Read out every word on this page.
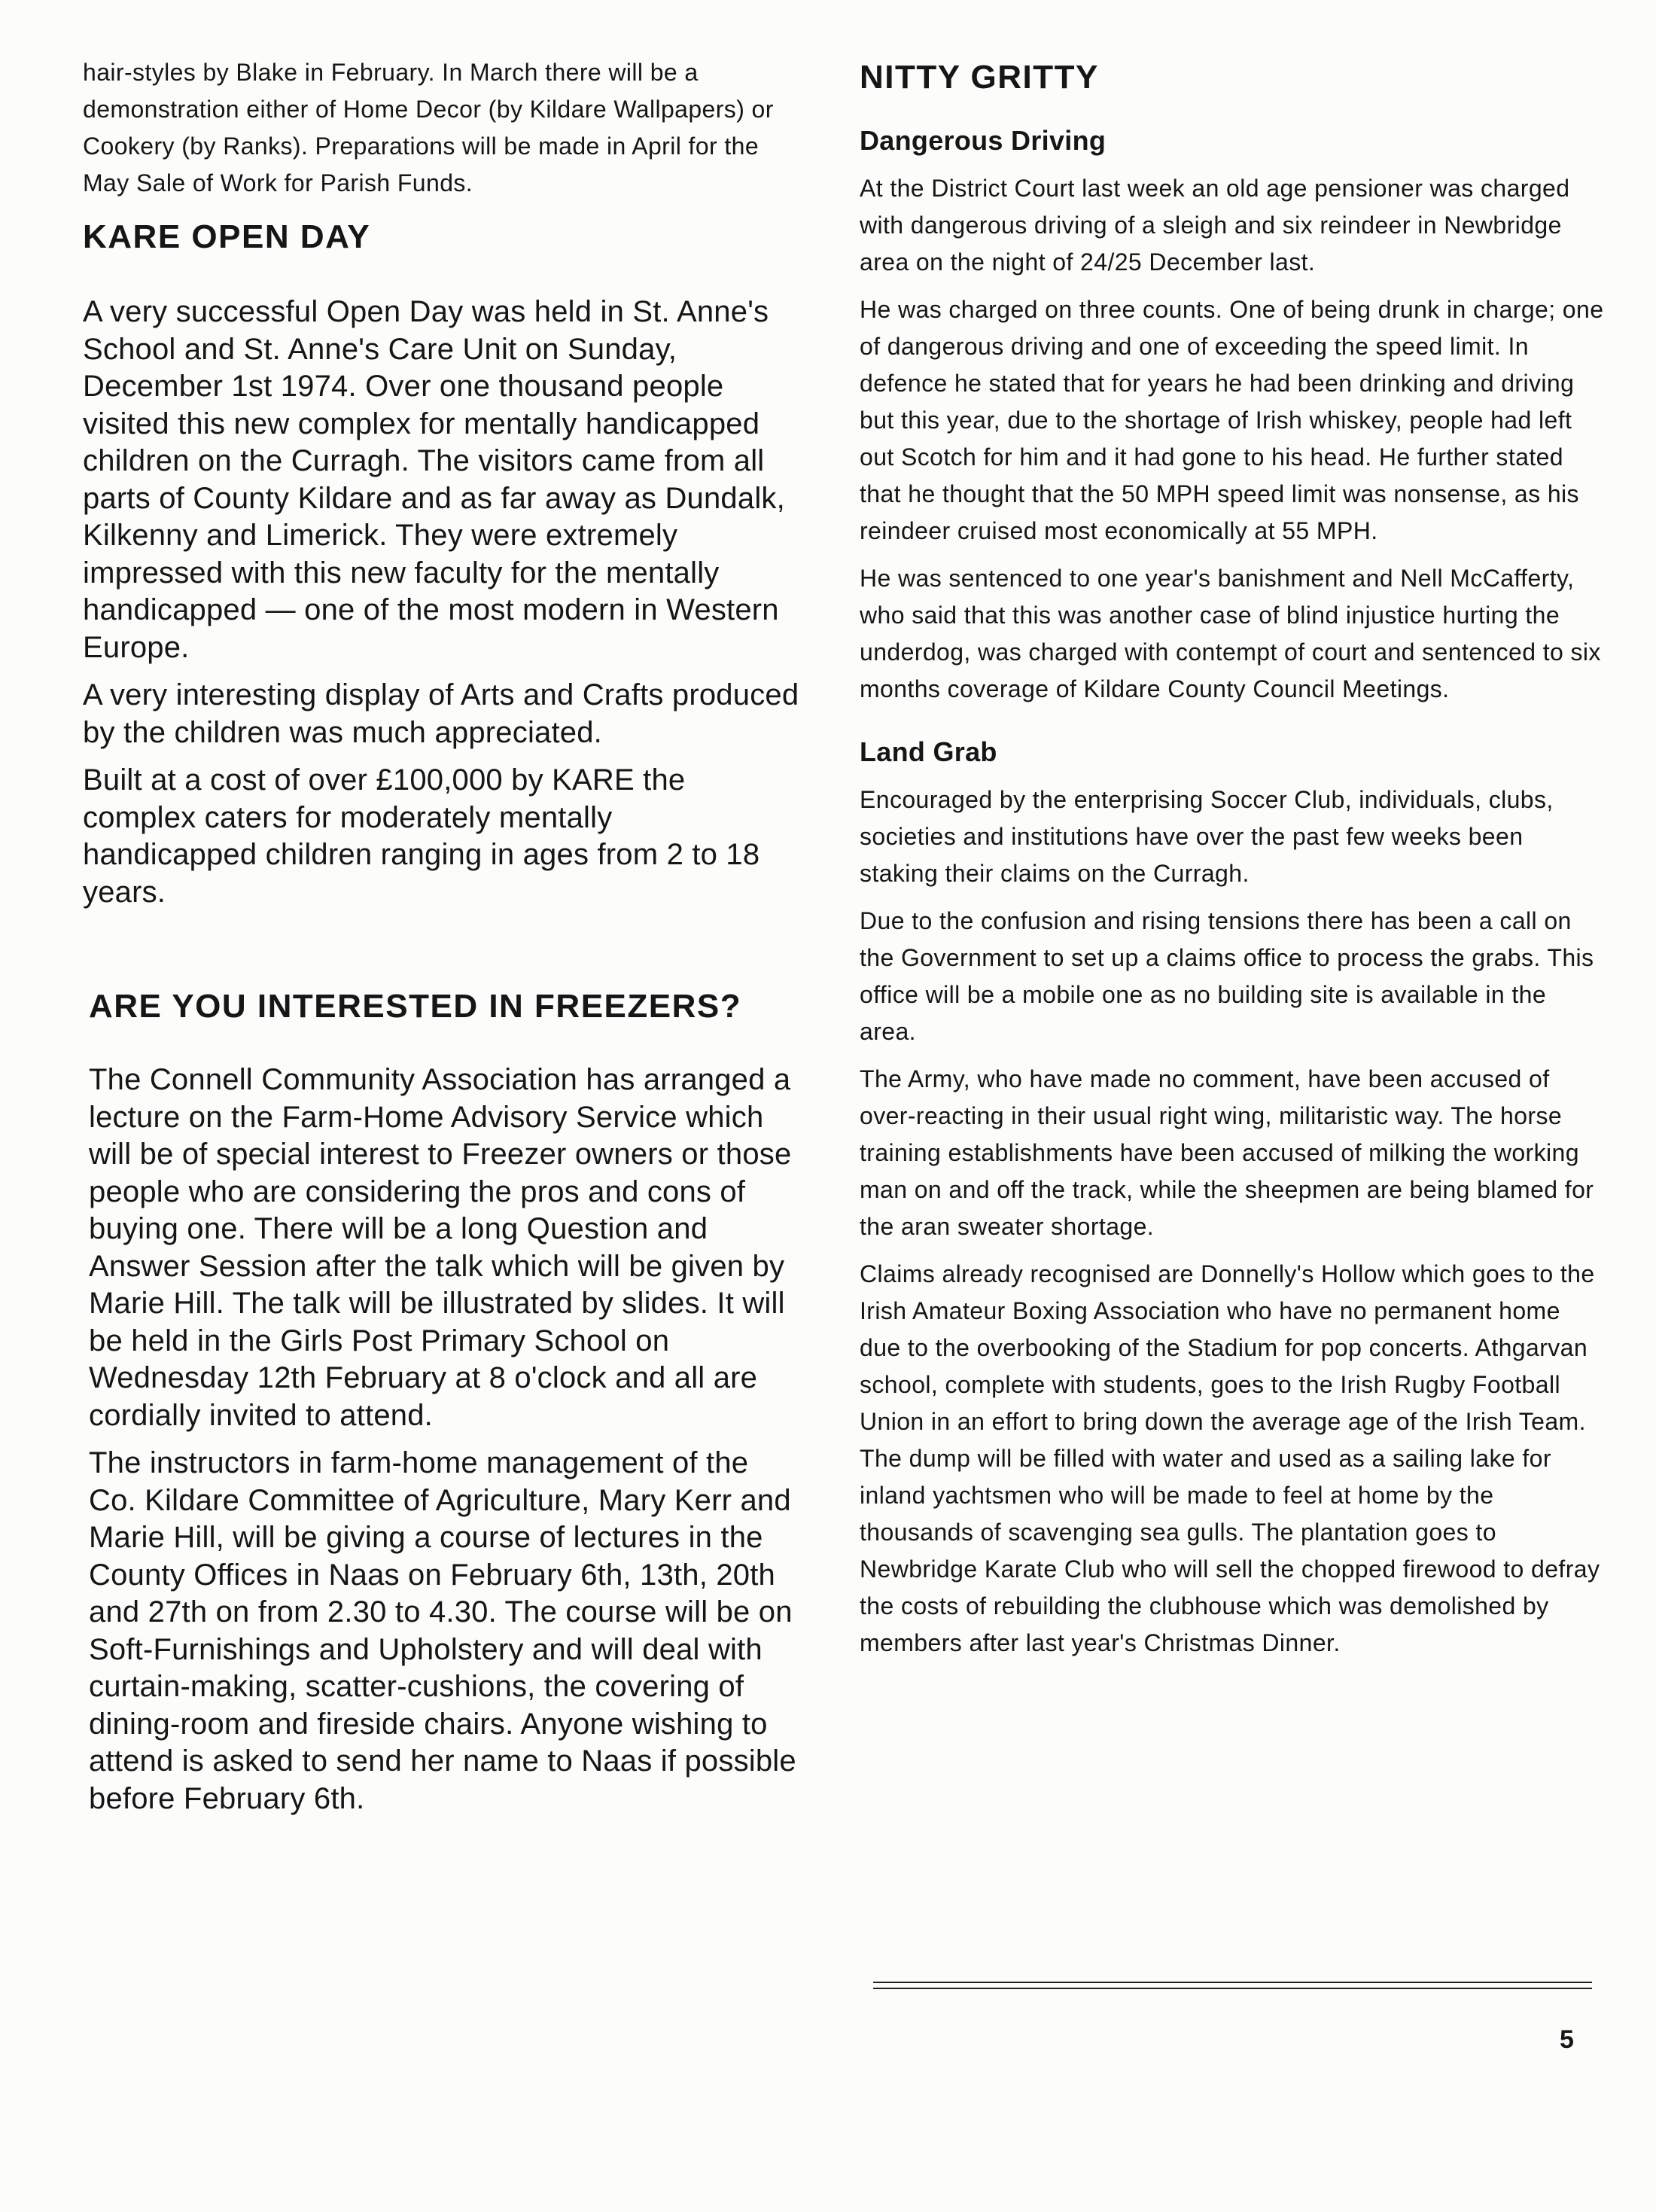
hair-styles by Blake in February. In March there will be a demonstration either of Home Decor (by Kildare Wallpapers) or Cookery (by Ranks). Preparations will be made in April for the May Sale of Work for Parish Funds.

KARE OPEN DAY

A very successful Open Day was held in St. Anne's School and St. Anne's Care Unit on Sunday, December 1st 1974. Over one thousand people visited this new complex for mentally handicapped children on the Curragh. The visitors came from all parts of County Kildare and as far away as Dundalk, Kilkenny and Limerick. They were extremely impressed with this new faculty for the mentally handicapped — one of the most modern in Western Europe.

A very interesting display of Arts and Crafts produced by the children was much appreciated.

Built at a cost of over £100,000 by KARE the complex caters for moderately mentally handicapped children ranging in ages from 2 to 18 years.

ARE YOU INTERESTED IN FREEZERS?

The Connell Community Association has arranged a lecture on the Farm-Home Advisory Service which will be of special interest to Freezer owners or those people who are considering the pros and cons of buying one. There will be a long Question and Answer Session after the talk which will be given by Marie Hill. The talk will be illustrated by slides. It will be held in the Girls Post Primary School on Wednesday 12th February at 8 o'clock and all are cordially invited to attend.

The instructors in farm-home management of the Co. Kildare Committee of Agriculture, Mary Kerr and Marie Hill, will be giving a course of lectures in the County Offices in Naas on February 6th, 13th, 20th and 27th on from 2.30 to 4.30. The course will be on Soft-Furnishings and Upholstery and will deal with curtain-making, scatter-cushions, the covering of dining-room and fireside chairs. Anyone wishing to attend is asked to send her name to Naas if possible before February 6th.

NITTY GRITTY
Dangerous Driving

At the District Court last week an old age pensioner was charged with dangerous driving of a sleigh and six reindeer in Newbridge area on the night of 24/25 December last.

He was charged on three counts. One of being drunk in charge; one of dangerous driving and one of exceeding the speed limit. In defence he stated that for years he had been drinking and driving but this year, due to the shortage of Irish whiskey, people had left out Scotch for him and it had gone to his head. He further stated that he thought that the 50 MPH speed limit was nonsense, as his reindeer cruised most economically at 55 MPH.

He was sentenced to one year's banishment and Nell McCafferty, who said that this was another case of blind injustice hurting the underdog, was charged with contempt of court and sentenced to six months coverage of Kildare County Council Meetings.

Land Grab

Encouraged by the enterprising Soccer Club, individuals, clubs, societies and institutions have over the past few weeks been staking their claims on the Curragh.

Due to the confusion and rising tensions there has been a call on the Government to set up a claims office to process the grabs. This office will be a mobile one as no building site is available in the area.

The Army, who have made no comment, have been accused of over-reacting in their usual right wing, militaristic way. The horse training establishments have been accused of milking the working man on and off the track, while the sheepmen are being blamed for the aran sweater shortage.

Claims already recognised are Donnelly's Hollow which goes to the Irish Amateur Boxing Association who have no permanent home due to the overbooking of the Stadium for pop concerts. Athgarvan school, complete with students, goes to the Irish Rugby Football Union in an effort to bring down the average age of the Irish Team. The dump will be filled with water and used as a sailing lake for inland yachtsmen who will be made to feel at home by the thousands of scavenging sea gulls. The plantation goes to Newbridge Karate Club who will sell the chopped firewood to defray the costs of rebuilding the clubhouse which was demolished by members after last year's Christmas Dinner.

5
